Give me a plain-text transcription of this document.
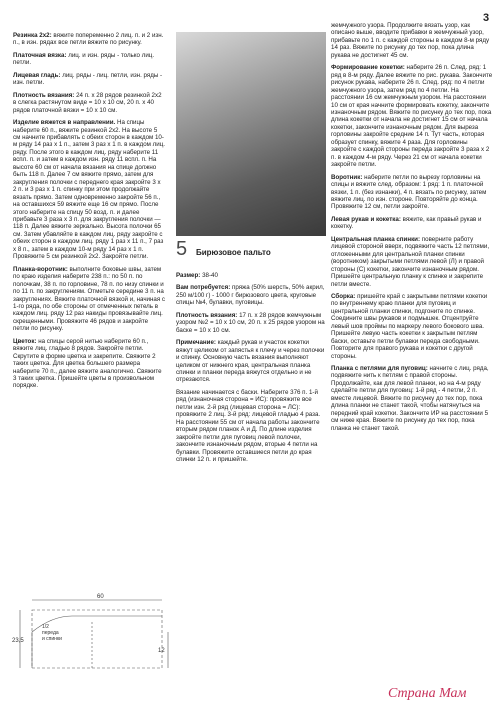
3
Резинка 2х2: вяжите попеременно 2 лиц. п. и 2 изн. п., в изн. рядах все петли вяжите по рисунку.
Платочная вязка: лиц. и изн. ряды - только лиц. петли.
Лицевая гладь: лиц. ряды - лиц. петли, изн. ряды - изн. петли.
Плотность вязания: 24 п. х 28 рядов резинкой 2х2 в слегка растянутом виде = 10 х 10 см, 20 п. х 40 рядов платочной вязки = 10 х 10 см.
Изделие вяжется в направлении. На спицы наберите 60 п., вяжите резинкой 2х2. На высоте 5 см начните прибавлять с обеих сторон в каждом 10-м ряду 14 раз х 1 п., затем 3 раз х 1 п. в каждом лиц. ряду. После этого в каждом лиц. ряду наберите 11 вспл. п. и затем в каждом изн. ряду 11 вспл. п. На высоте 60 см от начала вязания на спице должно быть 118 п. Далее 7 см вяжите прямо, затем для закругления полочки с переднего края закройте 3 х 2 п. и 3 раз х 1 п. спинку при этом продолжайте вязать прямо. Затем одновременно закройте 56 п., на оставшихся 59 вяжите еще 16 см прямо. После этого наберите на спицу 50 возд. п. и далее прибавьте 3 раза х 3 п. для закругления полочки — 118 п. Далее вяжите зеркально. Высота полочки 65 см. Затем убавляйте в каждом лиц. ряду закройте с обеих сторон в каждом лиц. ряду 1 раз х 11 п., 7 раз х 8 п., затем в каждом 10-м ряду 14 раз х 1 п. Провяжите 5 см резинкой 2х2. Закройте петли.
Планка-воротник: выполните боковые швы, затем по краю изделия наберите 238 п.: по 50 п. по полочкам, 38 п. по горловине, 78 п. по низу спинки и по 11 п. по закруглениям. Отметьте середине 3 п. на закруглениях. Вяжите платочной вязкой и, начиная с 1-го ряда, по обе стороны от отмеченных петель в каждом лиц. ряду 12 раз накиды провязывайте лиц. скрещенными. Провяжите 46 рядов и закройте петли по рисунку.
Цветок: на спицы серой нитью наберите 60 п., вяжите лиц. гладью 8 рядов. Закройте петли. Скрутите в форме цветка и закрепите. Свяжите 2 таких цветка. Для цветка большего размера наберите 70 п., далее вяжите аналогично. Свяжите 3 таких цветка. Пришейте цветы в произвольном порядке.
5 Бирюзовое пальто
Размер: 38-40
Вам потребуется: пряжа (50% шерсть, 50% акрил, 250 м/100 г) - 1000 г бирюзового цвета, круговые спицы №4, булавки, пуговицы.
Плотность вязания: 17 п. х 28 рядов жемчужным узором №2 = 10 х 10 см, 20 п. х 25 рядов узором на баске = 10 х 10 см.
Примечание: каждый рукав и участок кокетки вяжут целиком от запястья к плечу и через полочки и спинку. Основную часть вязания выполняют целиком от нижнего края, центральная планка спинки и планки переда вяжутся отдельно и не отрезаются.
Вязание начинается с баски. Наберите 376 п. 1-й ряд (изнаночная сторона = ИС): провяжите все петли изн. 2-й ряд (лицевая сторона = ЛС): провяжите 2 лиц. 3-й ряд: лицевой гладью 4 раза. На расстоянии 55 см от начала работы закончите вторым рядом планок А и Д. По длине изделия закройте петли для пуговиц левой полочки, закончите изнаночным рядом, вторые 4 петли на булавки. Провяжите оставшиеся петли до края спинки 12 п. и пришейте.
жемчужного узора. Продолжите вязать узор, как описано выше, вводите прибавки в жемчужный узор, прибавьте по 1 п. с каждой стороны в каждом 8-м ряду 14 раз. Вяжите по рисунку до тех пор, пока длина рукава не достигнет 45 см.
Формирование кокетки: наберите 26 п. След. ряд: 1 ряд в 8-м ряду. Далее вяжите по рис. рукава. Закончите рисунок рукава, наберите 26 п. След. ряд: по 4 петли жемчужного узора, затем ряд по 4 петли. На расстоянии 16 см жемчужным узором. На расстоянии 10 см от края начните формировать кокетку, закончите изнаночным рядом. Вяжите по рисунку до тех пор, пока длина кокетки от начала не достигнет 15 см от начала кокетки, закончите изнаночным рядом. Для выреза горловины закройте средние 14 п. Тут часть, которая образует спинку, вяжите 4 раза. Для горловины закройте с каждой стороны переда закройте 3 раза х 2 п. в каждом 4-м ряду. Через 21 см от начала кокетки закройте петли.
Воротник: наберите петли по вырезу горловины на спицы и вяжите след. образом: 1 ряд: 1 п. платочной вязки, 1 п. (без изнанки), 4 п. вязать по рисунку, затем вяжите лиц. по изн. стороне. Повторяйте до конца. Провяжите 12 см, петли закройте.
Левая рукав и кокетка: вяжите, как правый рукав и кокетку.
Центральная планка спинки: поверните работу лицевой стороной вверх, подвяжите часть 12 петлями, отложенными для центральной планки спинки (воротником) закрытыми петлями левой (Л) и правой стороны (С) кокетки, закончите изнаночным рядом. Пришейте центральную планку к спинке и закрепите петли вместе.
Сборка: пришейте край с закрытыми петлями кокетки по внутреннему краю планки для пуговиц и центральной планки спинки, подгоните по спинке. Соедините швы рукавов и подмышек. Отцентруйте левый шов проймы по маркеру левого бокового шва. Пришейте левую часть кокетки к закрытым петлям баски, оставьте петли булавки переда свободными. Повторите для правого рукава и кокетки с другой стороны.
Планка с петлями для пуговиц: начните с лиц. ряда, подвяжите нить к петлям с правой стороны. Продолжайте, как для левой планки, но на 4-м ряду сделайте петли для пуговиц: 1-й ряд - 4 петли, 2 п. вместе лицевой. Вяжите по рисунку до тех пор, пока длина планки не станет такой, чтобы натянуться на передний край кокетки. Закончите ИР на расстоянии 5 см ниже края. Вяжите по рисунку до тех пор, пока планка не станет такой.
60
23,5
12
1/2
переда
и спинки
Страна Мам
